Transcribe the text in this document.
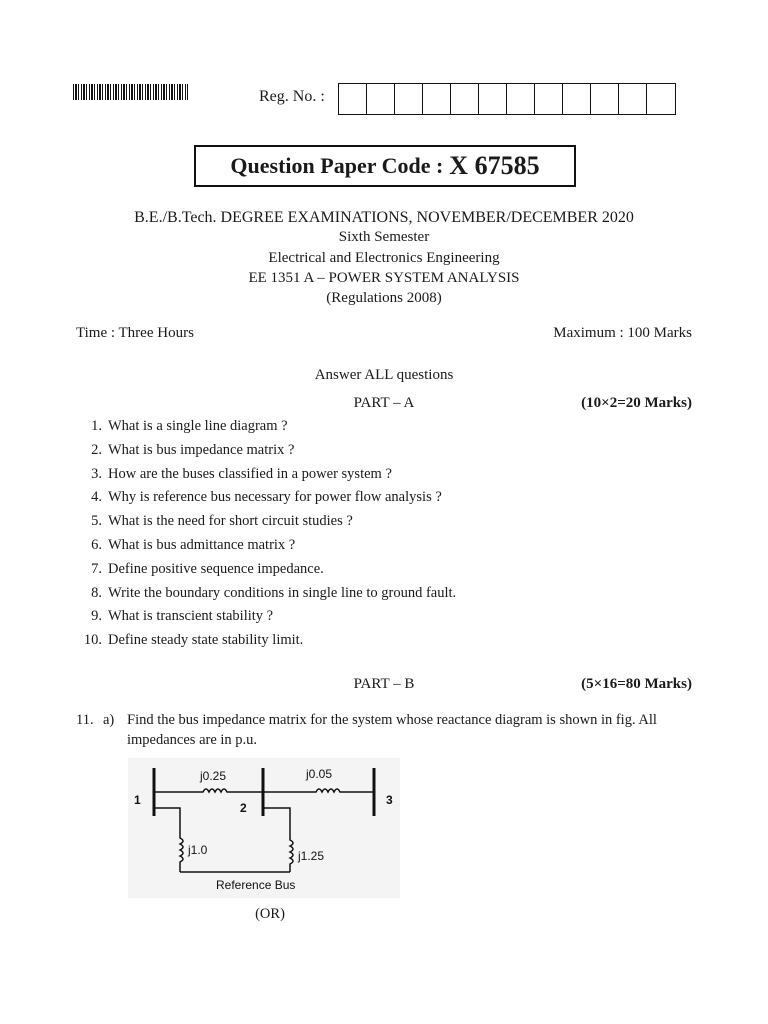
Reg. No. :
Question Paper Code : X 67585
B.E./B.Tech. DEGREE EXAMINATIONS, NOVEMBER/DECEMBER 2020
Sixth Semester
Electrical and Electronics Engineering
EE 1351 A – POWER SYSTEM ANALYSIS
(Regulations 2008)
Time : Three Hours	Maximum : 100 Marks
Answer ALL questions
PART – A	(10×2=20 Marks)
1. What is a single line diagram ?
2. What is bus impedance matrix ?
3. How are the buses classified in a power system ?
4. Why is reference bus necessary for power flow analysis ?
5. What is the need for short circuit studies ?
6. What is bus admittance matrix ?
7. Define positive sequence impedance.
8. Write the boundary conditions in single line to ground fault.
9. What is transcient stability ?
10. Define steady state stability limit.
PART – B	(5×16=80 Marks)
11. a) Find the bus impedance matrix for the system whose reactance diagram is shown in fig. All impedances are in p.u.
j0.25	j0.05
1
2
3
j1.0	j1.25
Reference Bus
(OR)
